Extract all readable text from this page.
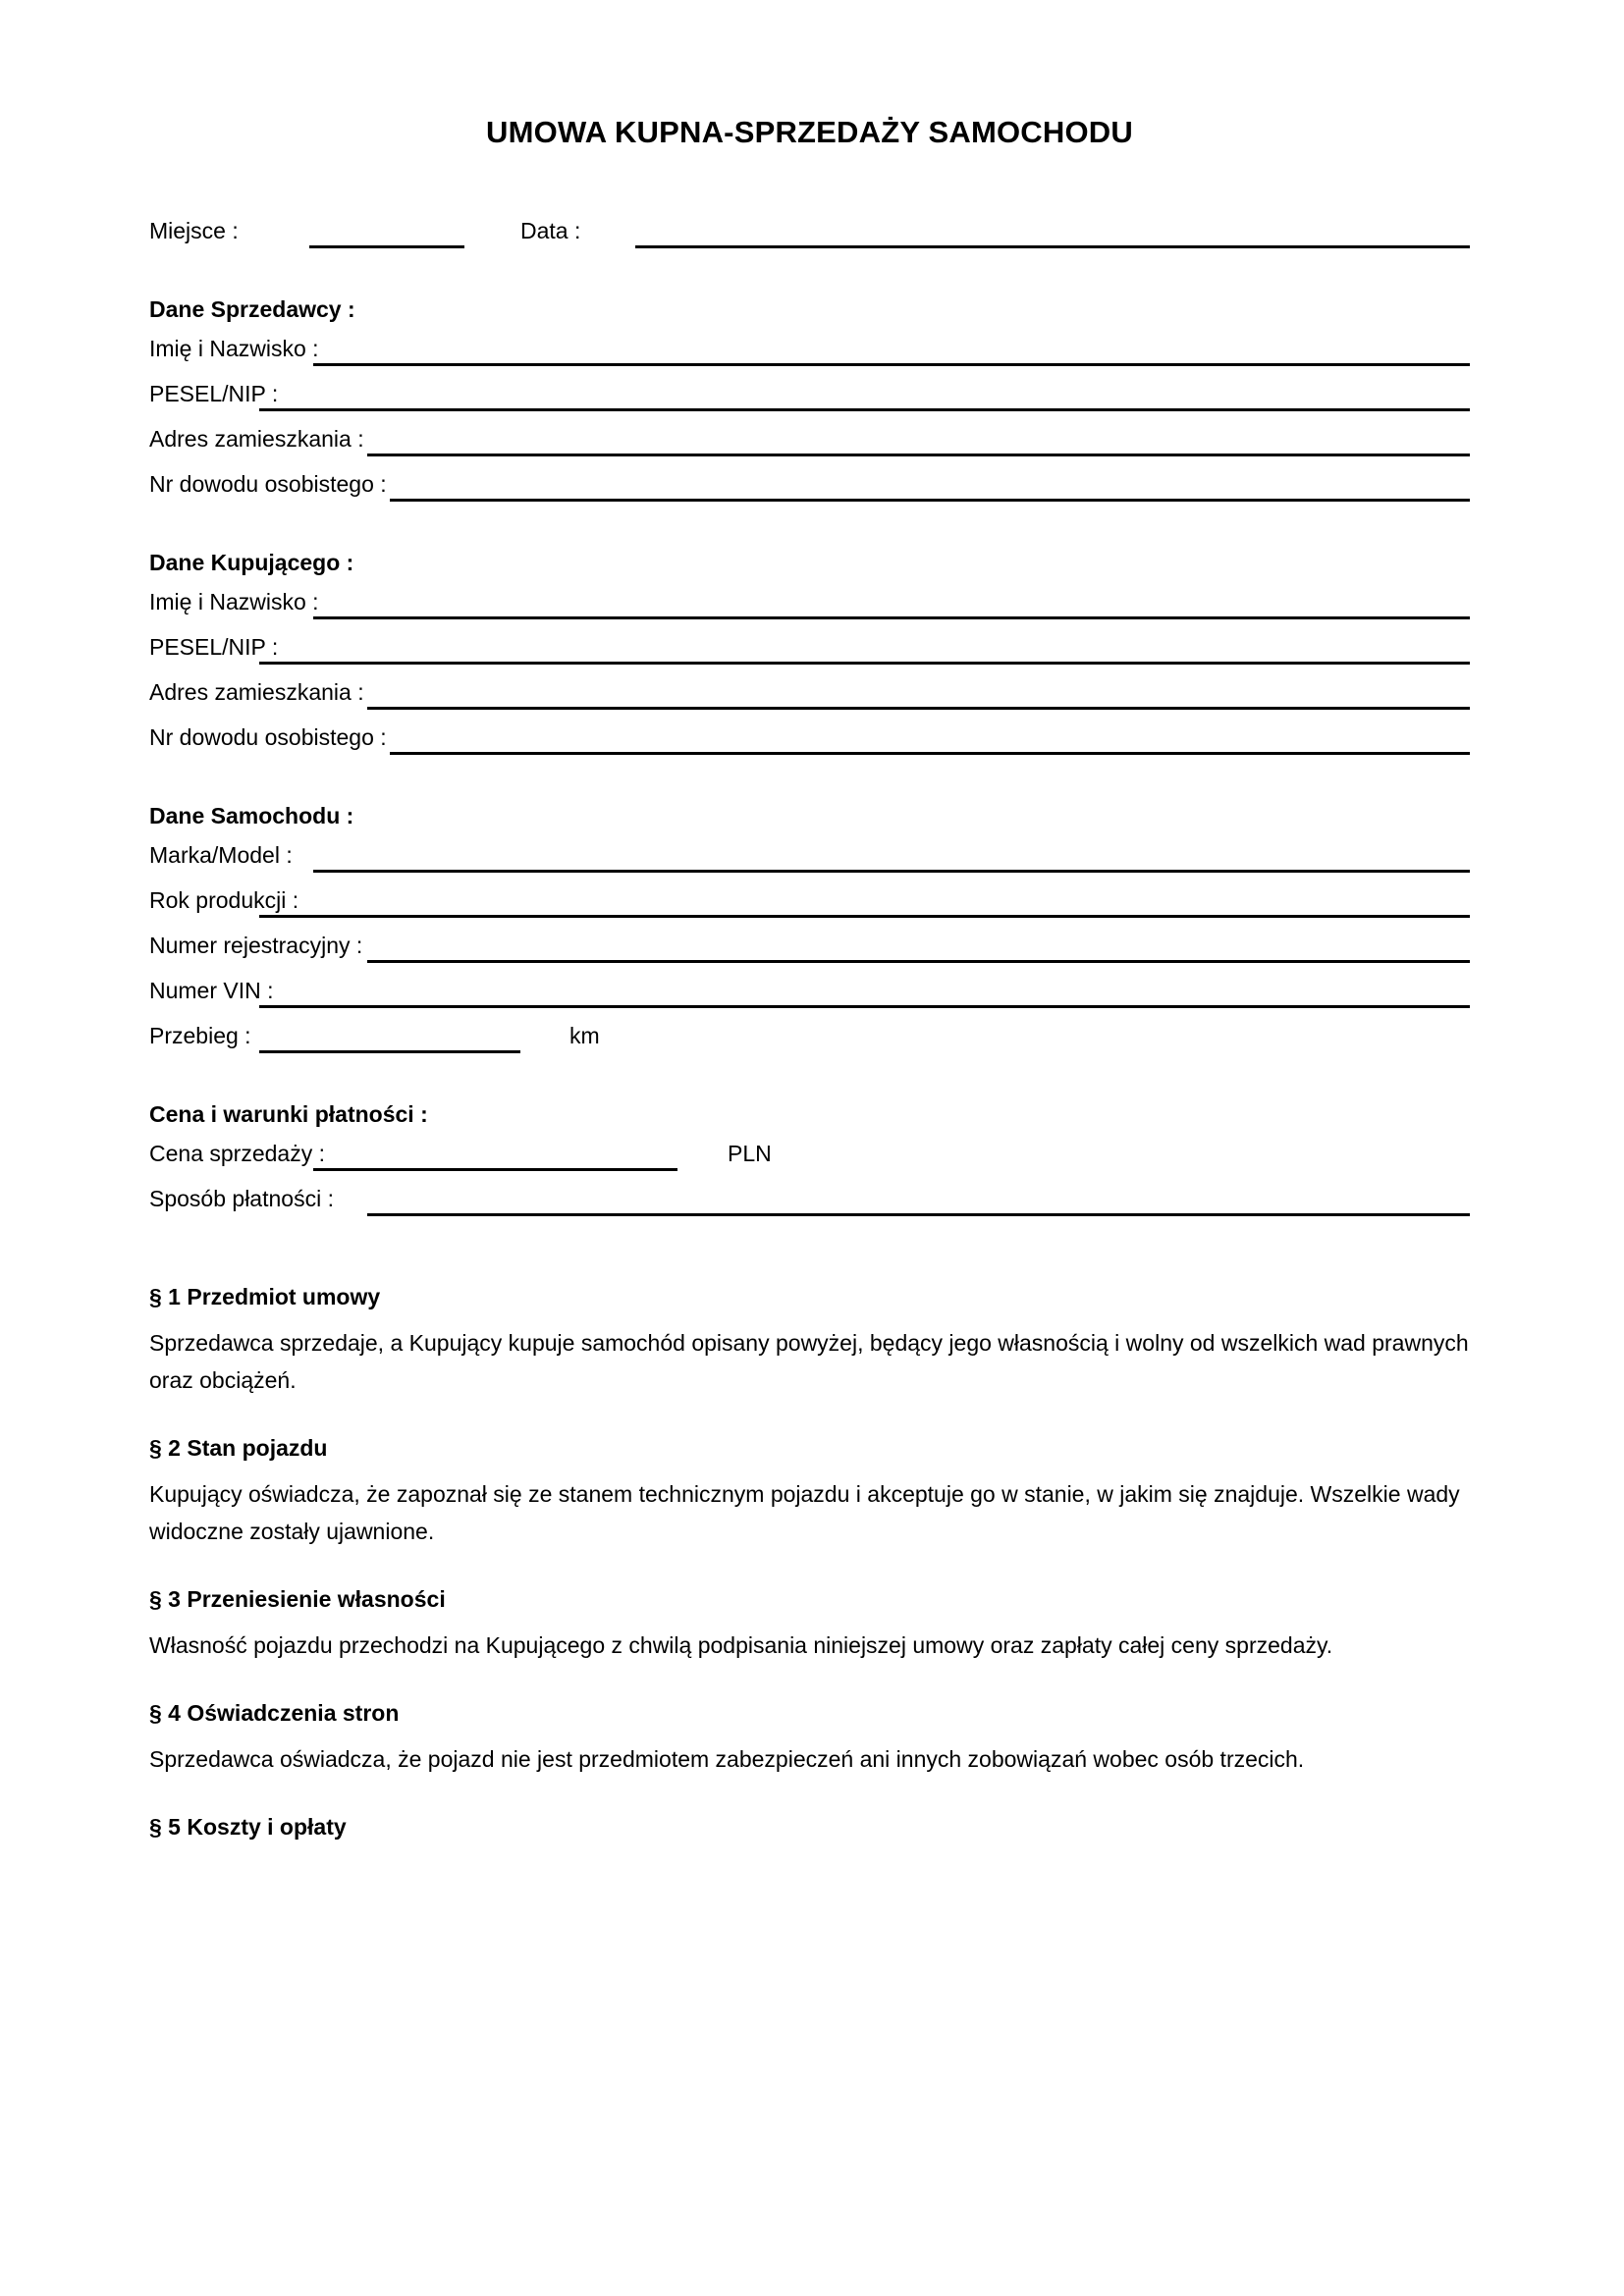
UMOWA KUPNA-SPRZEDAŻY SAMOCHODU
Miejsce :	Data :

Dane Sprzedawcy :

Imię i Nazwisko :
PESEL/NIP :
Adres zamieszkania :
Nr dowodu osobistego :

Dane Kupującego :

Imię i Nazwisko :
PESEL/NIP :
Adres zamieszkania :
Nr dowodu osobistego :

Dane Samochodu :

Marka/Model :
Rok produkcji :
Numer rejestracyjny :
Numer VIN :
Przebieg :	km

Cena i warunki płatności :

Cena sprzedaży :	PLN
Sposób płatności :

§ 1 Przedmiot umowy

Sprzedawca sprzedaje, a Kupujący kupuje samochód opisany powyżej, będący jego własnością i wolny od wszelkich wad prawnych oraz obciążeń.

§ 2 Stan pojazdu

Kupujący oświadcza, że zapoznał się ze stanem technicznym pojazdu i akceptuje go w stanie, w jakim się znajduje. Wszelkie wady widoczne zostały ujawnione.

§ 3 Przeniesienie własności

Własność pojazdu przechodzi na Kupującego z chwilą podpisania niniejszej umowy oraz zapłaty całej ceny sprzedaży.

§ 4 Oświadczenia stron

Sprzedawca oświadcza, że pojazd nie jest przedmiotem zabezpieczeń ani innych zobowiązań wobec osób trzecich.

§ 5 Koszty i opłaty
